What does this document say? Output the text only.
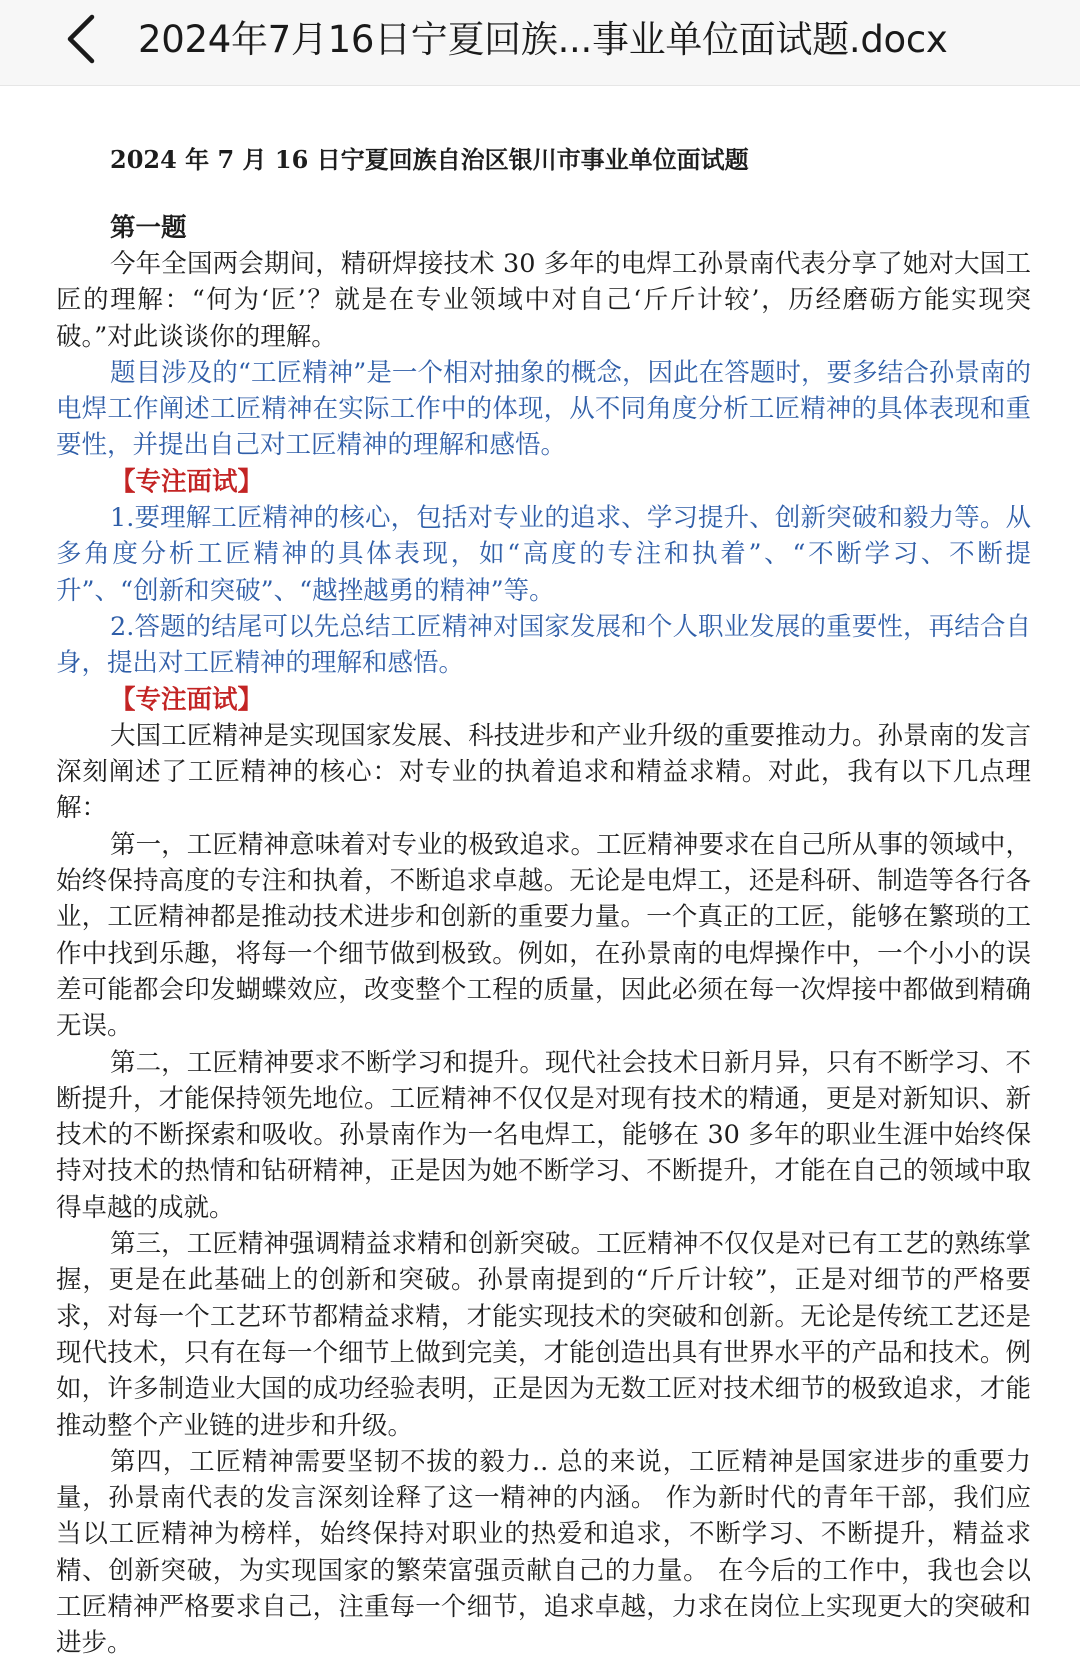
2024年7月16日宁夏回族...事业单位面试题.docx
2024 年 7 月 16 日宁夏回族自治区银川市事业单位面试题
第一题

今年全国两会期间，精研焊接技术 30 多年的电焊工孙景南代表分享了她对大国工匠的理解：“何为‘匠’？就是在专业领域中对自己‘斤斤计较’，历经磨砺方能实现突破。”对此谈谈你的理解。

题目涉及的“工匠精神”是一个相对抽象的概念，因此在答题时，要多结合孙景南的电焊工作阐述工匠精神在实际工作中的体现，从不同角度分析工匠精神的具体表现和重要性，并提出自己对工匠精神的理解和感悟。

【专注面试】

1.要理解工匠精神的核心，包括对专业的追求、学习提升、创新突破和毅力等。从多角度分析工匠精神的具体表现，如“高度的专注和执着”、“不断学习、不断提升”、“创新和突破”、“越挫越勇的精神”等。

2.答题的结尾可以先总结工匠精神对国家发展和个人职业发展的重要性，再结合自身，提出对工匠精神的理解和感悟。

【专注面试】

大国工匠精神是实现国家发展、科技进步和产业升级的重要推动力。孙景南的发言深刻阐述了工匠精神的核心：对专业的执着追求和精益求精。对此，我有以下几点理解：

第一，工匠精神意味着对专业的极致追求。工匠精神要求在自己所从事的领域中，始终保持高度的专注和执着，不断追求卓越。无论是电焊工，还是科研、制造等各行各业，工匠精神都是推动技术进步和创新的重要力量。一个真正的工匠，能够在繁琐的工作中找到乐趣，将每一个细节做到极致。例如，在孙景南的电焊操作中，一个小小的误差可能都会印发蝴蝶效应，改变整个工程的质量，因此必须在每一次焊接中都做到精确无误。

第二，工匠精神要求不断学习和提升。现代社会技术日新月异，只有不断学习、不断提升，才能保持领先地位。工匠精神不仅仅是对现有技术的精通，更是对新知识、新技术的不断探索和吸收。孙景南作为一名电焊工，能够在 30 多年的职业生涯中始终保持对技术的热情和钻研精神，正是因为她不断学习、不断提升，才能在自己的领域中取得卓越的成就。

第三，工匠精神强调精益求精和创新突破。工匠精神不仅仅是对已有工艺的熟练掌握，更是在此基础上的创新和突破。孙景南提到的“斤斤计较”，正是对细节的严格要求，对每一个工艺环节都精益求精，才能实现技术的突破和创新。无论是传统工艺还是现代技术，只有在每一个细节上做到完美，才能创造出具有世界水平的产品和技术。例如，许多制造业大国的成功经验表明，正是因为无数工匠对技术细节的极致追求，才能推动整个产业链的进步和升级。

第四，工匠精神需要坚韧不拔的毅力.. 总的来说，工匠精神是国家进步的重要力量，孙景南代表的发言深刻诠释了这一精神的内涵。 作为新时代的青年干部，我们应当以工匠精神为榜样，始终保持对职业的热爱和追求，不断学习、不断提升，精益求精、创新突破，为实现国家的繁荣富强贡献自己的力量。 在今后的工作中，我也会以工匠精神严格要求自己，注重每一个细节，追求卓越，力求在岗位上实现更大的突破和进步。
